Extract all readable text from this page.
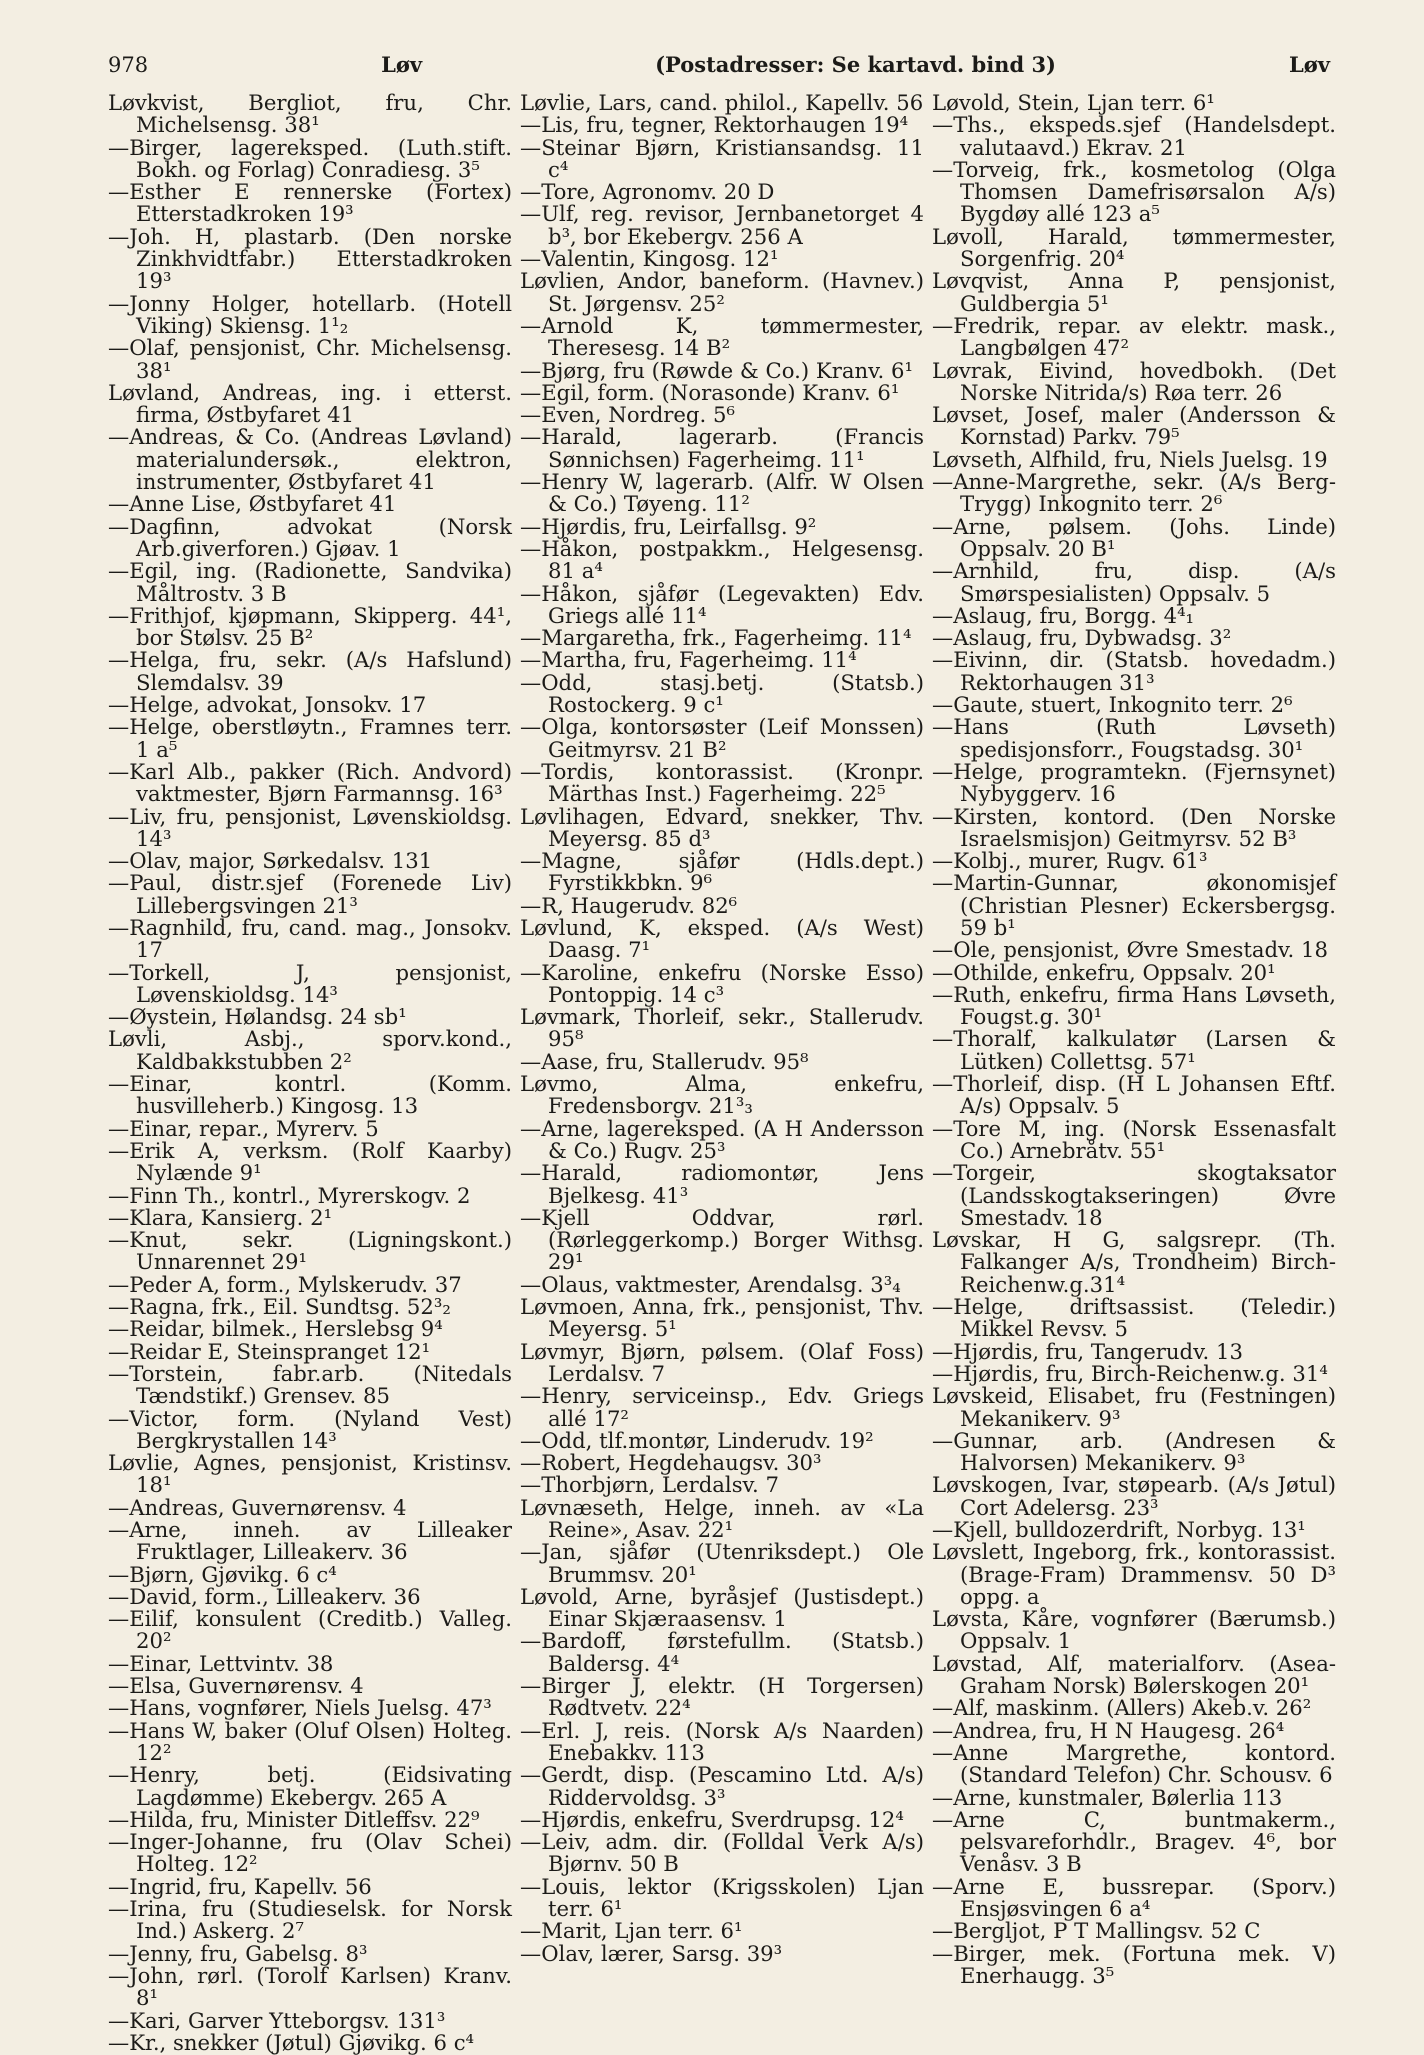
978	Løv	(Postadresser: Se kartavd. bind 3)	Løv
Løvkvist, Bergliot, fru, Chr. Michelsensg. 38¹
—Birger, lagereksped. (Luth.stift. Bokh. og Forlag) Conradiesg. 3⁵
—Esther E rennerske (Fortex) Etterstadkroken 19³
—Joh. H, plastarb. (Den norske Zinkhvidtfabr.) Etterstadkroken 19³
—Jonny Holger, hotellarb. (Hotell Viking) Skiensg. 1¹₂
—Olaf, pensjonist, Chr. Michelsensg. 38¹
Løvland, Andreas, ing. i etterst. firma, Østbyfaret 41
—Andreas, & Co. (Andreas Løvland) materialundersøk., elektron, instrumenter, Østbyfaret 41
—Anne Lise, Østbyfaret 41
—Dagfinn, advokat (Norsk Arb.giverforen.) Gjøav. 1
—Egil, ing. (Radionette, Sandvika) Måltrostv. 3 B
—Frithjof, kjøpmann, Skipperg. 44¹, bor Stølsv. 25 B²
—Helga, fru, sekr. (A/s Hafslund) Slemdalsv. 39
—Helge, advokat, Jonsokv. 17
—Helge, oberstløytn., Framnes terr. 1 a⁵
—Karl Alb., pakker (Rich. Andvord) vaktmester, Bjørn Farmannsg. 16³
—Liv, fru, pensjonist, Løvenskioldsg. 14³
—Olav, major, Sørkedalsv. 131
—Paul, distr.sjef (Forenede Liv) Lillebergsvingen 21³
—Ragnhild, fru, cand. mag., Jonsokv. 17
—Torkell, J, pensjonist, Løvenskioldsg. 14³
—Øystein, Hølandsg. 24 sb¹
Løvli, Asbj., sporv.kond., Kaldbakkstubben 2²
—Einar, kontrl. (Komm. husvilleherb.) Kingosg. 13
—Einar, repar., Myrerv. 5
—Erik A, verksm. (Rolf Kaarby) Nylænde 9¹
—Finn Th., kontrl., Myrerskogv. 2
—Klara, Kansierg. 2¹
—Knut, sekr. (Ligningskont.) Unnarennet 29¹
—Peder A, form., Mylskerudv. 37
—Ragna, frk., Eil. Sundtsg. 52³₂
—Reidar, bilmek., Herslebsg 9⁴
—Reidar E, Steinspranget 12¹
—Torstein, fabr.arb. (Nitedals Tændstikf.) Grensev. 85
—Victor, form. (Nyland Vest) Bergkrystallen 14³
Løvlie, Agnes, pensjonist, Kristinsv. 18¹
—Andreas, Guvernørensv. 4
—Arne, inneh. av Lilleaker Fruktlager, Lilleakerv. 36
—Bjørn, Gjøvikg. 6 c⁴
—David, form., Lilleakerv. 36
—Eilif, konsulent (Creditb.) Valleg. 20²
—Einar, Lettvintv. 38
—Elsa, Guvernørensv. 4
—Hans, vognfører, Niels Juelsg. 47³
—Hans W, baker (Oluf Olsen) Holteg. 12²
—Henry, betj. (Eidsivating Lagdømme) Ekebergv. 265 A
—Hilda, fru, Minister Ditleffsv. 22⁹
—Inger-Johanne, fru (Olav Schei) Holteg. 12²
—Ingrid, fru, Kapellv. 56
—Irina, fru (Studieselsk. for Norsk Ind.) Askerg. 2⁷
—Jenny, fru, Gabelsg. 8³
—John, rørl. (Torolf Karlsen) Kranv. 8¹
—Kari, Garver Ytteborgsv. 131³
—Kr., snekker (Jøtul) Gjøvikg. 6 c⁴
Løvlie, Lars, cand. philol., Kapellv. 56
—Lis, fru, tegner, Rektorhaugen 19⁴
—Steinar Bjørn, Kristiansandsg. 11 c⁴
—Tore, Agronomv. 20 D
—Ulf, reg. revisor, Jernbanetorget 4 b³, bor Ekebergv. 256 A
—Valentin, Kingosg. 12¹
Løvlien, Andor, baneform. (Havnev.) St. Jørgensv. 25²
—Arnold K, tømmermester, Theresesg. 14 B²
—Bjørg, fru (Røwde & Co.) Kranv. 6¹
—Egil, form. (Norasonde) Kranv. 6¹
—Even, Nordreg. 5⁶
—Harald, lagerarb. (Francis Sønnichsen) Fagerheimg. 11¹
—Henry W, lagerarb. (Alfr. W Olsen & Co.) Tøyeng. 11²
—Hjørdis, fru, Leirfallsg. 9²
—Håkon, postpakkm., Helgesensg. 81 a⁴
—Håkon, sjåfør (Legevakten) Edv. Griegs allé 11⁴
—Margaretha, frk., Fagerheimg. 11⁴
—Martha, fru, Fagerheimg. 11⁴
—Odd, stasj.betj. (Statsb.) Rostockerg. 9 c¹
—Olga, kontorsøster (Leif Monssen) Geitmyrsv. 21 B²
—Tordis, kontorassist. (Kronpr. Märthas Inst.) Fagerheimg. 22⁵
Løvlihagen, Edvard, snekker, Thv. Meyersg. 85 d³
—Magne, sjåfør (Hdls.dept.) Fyrstikkbkn. 9⁶
—R, Haugerudv. 82⁶
Løvlund, K, eksped. (A/s West) Daasg. 7¹
—Karoline, enkefru (Norske Esso) Pontoppig. 14 c³
Løvmark, Thorleif, sekr., Stallerudv. 95⁸
—Aase, fru, Stallerudv. 95⁸
Løvmo, Alma, enkefru, Fredensborgv. 21³₃
—Arne, lagereksped. (A H Andersson & Co.) Rugv. 25³
—Harald, radiomontør, Jens Bjelkesg. 41³
—Kjell Oddvar, rørl. (Rørleggerkomp.) Borger Withsg. 29¹
—Olaus, vaktmester, Arendalsg. 3³₄
Løvmoen, Anna, frk., pensjonist, Thv. Meyersg. 5¹
Løvmyr, Bjørn, pølsem. (Olaf Foss) Lerdalsv. 7
—Henry, serviceinsp., Edv. Griegs allé 17²
—Odd, tlf.montør, Linderudv. 19²
—Robert, Hegdehaugsv. 30³
—Thorbjørn, Lerdalsv. 7
Løvnæseth, Helge, inneh. av «La Reine», Asav. 22¹
—Jan, sjåfør (Utenriksdept.) Ole Brummsv. 20¹
Løvold, Arne, byråsjef (Justisdept.) Einar Skjæraasensv. 1
—Bardoff, førstefullm. (Statsb.) Baldersg. 4⁴
—Birger J, elektr. (H Torgersen) Rødtvetv. 22⁴
—Erl. J, reis. (Norsk A/s Naarden) Enebakkv. 113
—Gerdt, disp. (Pescamino Ltd. A/s) Riddervoldsg. 3³
—Hjørdis, enkefru, Sverdrupsg. 12⁴
—Leiv, adm. dir. (Folldal Verk A/s) Bjørnv. 50 B
—Louis, lektor (Krigsskolen) Ljan terr. 6¹
—Marit, Ljan terr. 6¹
—Olav, lærer, Sarsg. 39³
Løvold, Stein, Ljan terr. 6¹
—Ths., ekspeds.sjef (Handelsdept. valutaavd.) Ekrav. 21
—Torveig, frk., kosmetolog (Olga Thomsen Damefrisørsalon A/s) Bygdøy allé 123 a⁵
Løvoll, Harald, tømmermester, Sorgenfrig. 20⁴
Løvqvist, Anna P, pensjonist, Guldbergia 5¹
—Fredrik, repar. av elektr. mask., Langbølgen 47²
Løvrak, Eivind, hovedbokh. (Det Norske Nitrida/s) Røa terr. 26
Løvset, Josef, maler (Andersson & Kornstad) Parkv. 79⁵
Løvseth, Alfhild, fru, Niels Juelsg. 19
—Anne-Margrethe, sekr. (A/s Berg-Trygg) Inkognito terr. 2⁶
—Arne, pølsem. (Johs. Linde) Oppsalv. 20 B¹
—Arnhild, fru, disp. (A/s Smørspesialisten) Oppsalv. 5
—Aslaug, fru, Borgg. 4⁴₁
—Aslaug, fru, Dybwadsg. 3²
—Eivinn, dir. (Statsb. hovedadm.) Rektorhaugen 31³
—Gaute, stuert, Inkognito terr. 2⁶
—Hans (Ruth Løvseth) spedisjonsforr., Fougstadsg. 30¹
—Helge, programtekn. (Fjernsynet) Nybyggerv. 16
—Kirsten, kontord. (Den Norske Israelsmisjon) Geitmyrsv. 52 B³
—Kolbj., murer, Rugv. 61³
—Martin-Gunnar, økonomisjef (Christian Plesner) Eckersbergsg. 59 b¹
—Ole, pensjonist, Øvre Smestadv. 18
—Othilde, enkefru, Oppsalv. 20¹
—Ruth, enkefru, firma Hans Løvseth, Fougst.g. 30¹
—Thoralf, kalkulatør (Larsen & Lütken) Collettsg. 57¹
—Thorleif, disp. (H L Johansen Eftf. A/s) Oppsalv. 5
—Tore M, ing. (Norsk Essenasfalt Co.) Arnebråtv. 55¹
—Torgeir, skogtaksator (Landsskogtakseringen) Øvre Smestadv. 18
Løvskar, H G, salgsrepr. (Th. Falkanger A/s, Trondheim) Birch-Reichenw.g.31⁴
—Helge, driftsassist. (Teledir.) Mikkel Revsv. 5
—Hjørdis, fru, Tangerudv. 13
—Hjørdis, fru, Birch-Reichenw.g. 31⁴
Løvskeid, Elisabet, fru (Festningen) Mekanikerv. 9³
—Gunnar, arb. (Andresen & Halvorsen) Mekanikerv. 9³
Løvskogen, Ivar, støpearb. (A/s Jøtul) Cort Adelersg. 23³
—Kjell, bulldozerdrift, Norbyg. 13¹
Løvslett, Ingeborg, frk., kontorassist. (Brage-Fram) Drammensv. 50 D³ oppg. a
Løvsta, Kåre, vognfører (Bærumsb.) Oppsalv. 1
Løvstad, Alf, materialforv. (Asea-Graham Norsk) Bølerskogen 20¹
—Alf, maskinm. (Allers) Akeb.v. 26²
—Andrea, fru, H N Haugesg. 26⁴
—Anne Margrethe, kontord. (Standard Telefon) Chr. Schousv. 6
—Arne, kunstmaler, Bølerlia 113
—Arne C, buntmakerm., pelsvareforhdlr., Bragev. 4⁶, bor Venåsv. 3 B
—Arne E, bussrepar. (Sporv.) Ensjøsvingen 6 a⁴
—Bergljot, P T Mallingsv. 52 C
—Birger, mek. (Fortuna mek. V) Enerhaugg. 3⁵
